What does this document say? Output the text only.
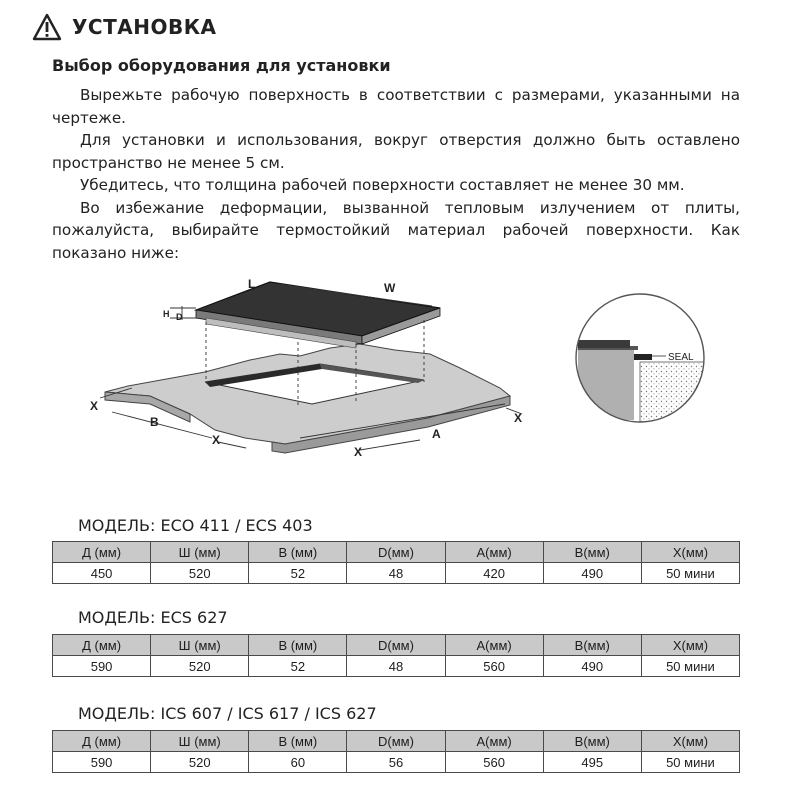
УСТАНОВКА
Выбор оборудования для установки

Вырежьте рабочую поверхность в соответствии с размерами, указанными на чертеже.

Для установки и использования, вокруг отверстия должно быть оставлено пространство не менее 5 см.

Убедитесь, что толщина рабочей поверхности составляет не менее 30 мм.

Во избежание деформации, вызванной тепловым излучением от плиты, пожалуйста, выбирайте термостойкий материал рабочей поверхности. Как показано ниже:

L	W
H D
X
B
X	A
X
X
SEAL
МОДЕЛЬ: ECO 411 / ECS 403
Д (мм)	Ш (мм)	В (мм)	D(мм)	A(мм)	B(мм)	X(мм)
450	520	52	48	420	490	50 мини
МОДЕЛЬ: ECS 627
Д (мм)	Ш (мм)	В (мм)	D(мм)	A(мм)	B(мм)	X(мм)
590	520	52	48	560	490	50 мини
МОДЕЛЬ: ICS 607 / ICS 617 / ICS 627
Д (мм)	Ш (мм)	В (мм)	D(мм)	A(мм)	B(мм)	X(мм)
590	520	60	56	560	495	50 мини
